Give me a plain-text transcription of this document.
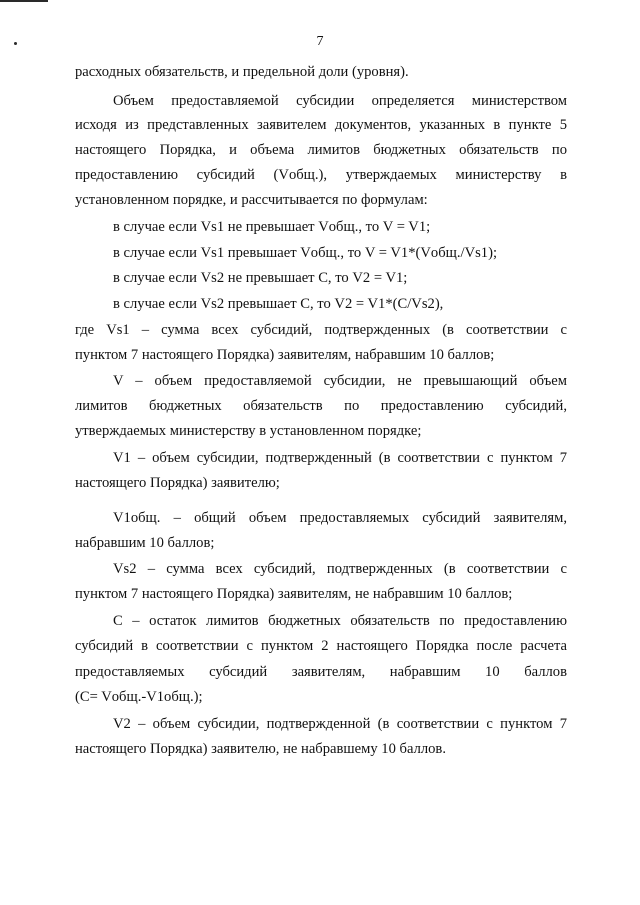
7
расходных обязательств, и предельной доли (уровня).
Объем предоставляемой субсидии определяется министерством
исходя из представленных заявителем документов, указанных в пункте 5
настоящего Порядка, и объема лимитов бюджетных обязательств по
предоставлению субсидий (Vобщ.), утверждаемых министерству в
установленном порядке, и рассчитывается по формулам:
в случае если Vs1 не превышает Vобщ., то V = V1;
в случае если Vs1 превышает Vобщ., то V = V1*(Vобщ./Vs1);
в случае если Vs2 не превышает C, то V2 = V1;
в случае если Vs2 превышает C, то V2 = V1*(C/Vs2),
где Vs1 – сумма всех субсидий, подтвержденных (в соответствии с
пунктом 7 настоящего Порядка) заявителям, набравшим 10 баллов;
V – объем предоставляемой субсидии, не превышающий объем
лимитов бюджетных обязательств по предоставлению субсидий,
утверждаемых министерству в установленном порядке;
V1 – объем субсидии, подтвержденный (в соответствии с пунктом 7
настоящего Порядка) заявителю;
V1общ. – общий объем предоставляемых субсидий заявителям,
набравшим 10 баллов;
Vs2 – сумма всех субсидий, подтвержденных (в соответствии с
пунктом 7 настоящего Порядка) заявителям, не набравшим 10 баллов;
C – остаток лимитов бюджетных обязательств по предоставлению
субсидий в соответствии с пунктом 2 настоящего Порядка после расчета
предоставляемых субсидий заявителям, набравшим 10 баллов
(C= Vобщ.-V1общ.);
V2 – объем субсидии, подтвержденной (в соответствии с пунктом 7
настоящего Порядка) заявителю, не набравшему 10 баллов.
